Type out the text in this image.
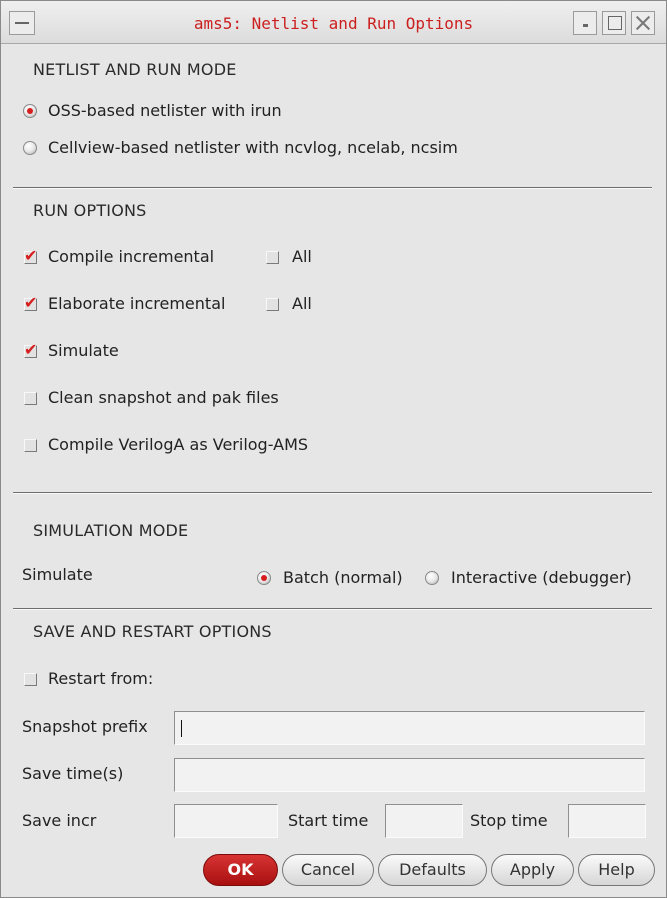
ams5: Netlist and Run Options
NETLIST AND RUN MODE
OSS-based netlister with irun
Cellview-based netlister with ncvlog, ncelab, ncsim
RUN OPTIONS
✔
Compile incremental	All
✔
Elaborate incremental	All
✔
Simulate
Clean snapshot and pak files
Compile VerilogA as Verilog-AMS
SIMULATION MODE
Simulate	Batch (normal)	Interactive (debugger)
SAVE AND RESTART OPTIONS
Restart from:
Snapshot prefix
Save time(s)
Save incr	Start time	Stop time
OK	Cancel	Defaults	Apply	Help
